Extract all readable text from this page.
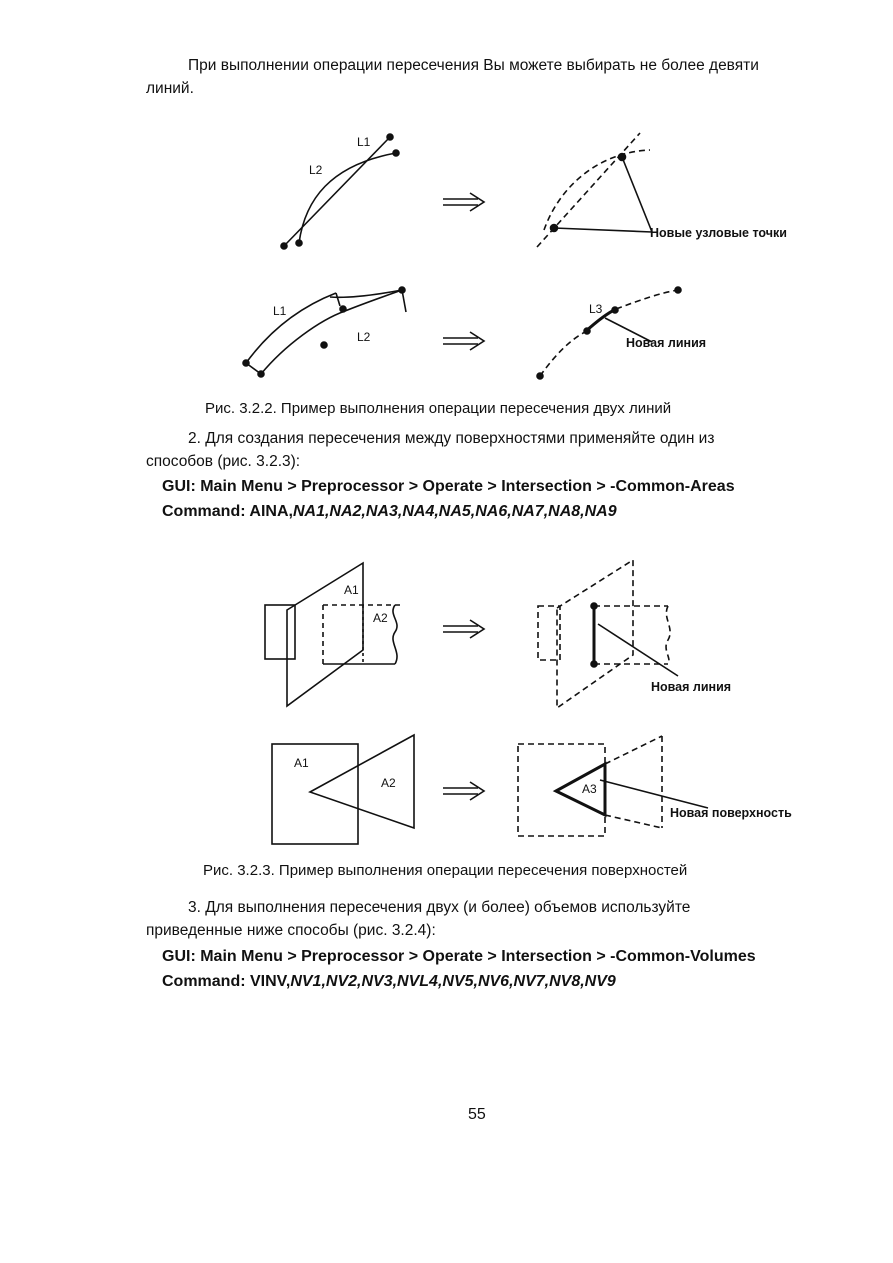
При выполнении операции пересечения Вы можете выбирать не более девяти
линий.
L1
L2
L1
L2
L3
A1
A2
A1
A2	A3
Новые узловые точки
Новая линия
Новая линия
Новая поверхность
Рис. 3.2.2. Пример выполнения операции пересечения двух линий
2. Для создания пересечения между поверхностями применяйте один из
способов (рис. 3.2.3):
GUI: Main Menu > Preprocessor > Operate > Intersection > -Common-Areas
Command: AINA,NA1,NA2,NA3,NA4,NA5,NA6,NA7,NA8,NA9
Рис. 3.2.3. Пример выполнения операции пересечения поверхностей
3. Для выполнения пересечения двух (и более) объемов используйте
приведенные ниже способы (рис. 3.2.4):
GUI: Main Menu > Preprocessor > Operate > Intersection > -Common-Volumes
Command: VINV,NV1,NV2,NV3,NVL4,NV5,NV6,NV7,NV8,NV9
55
